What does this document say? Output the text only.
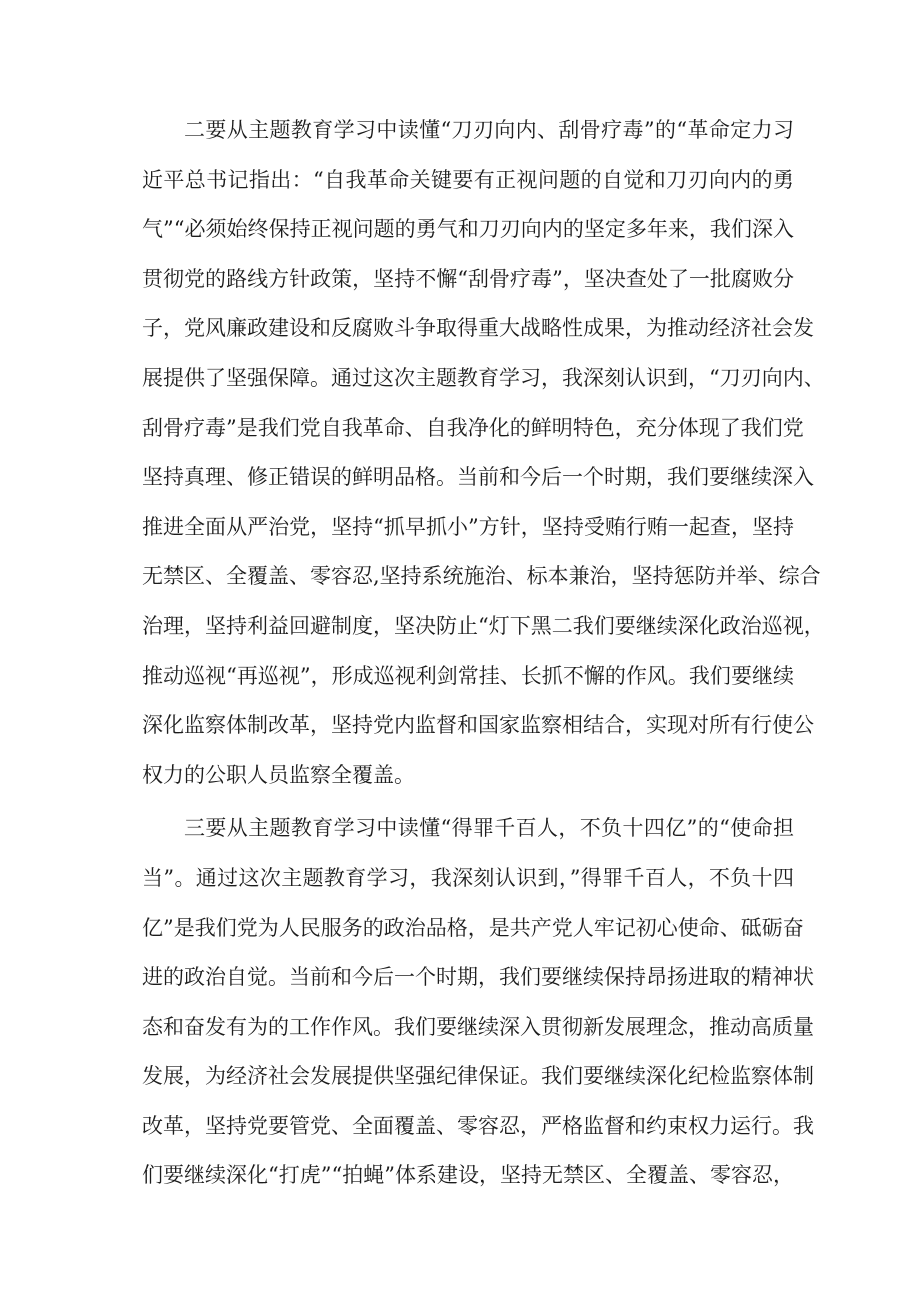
二要从主题教育学习中读懂“刀刃向内、刮骨疗毒”的“革命定力习

近平总书记指出：“自我革命关键要有正视问题的自觉和刀刃向内的勇

气”“必须始终保持正视问题的勇气和刀刃向内的坚定多年来，我们深入

贯彻党的路线方针政策，坚持不懈“刮骨疗毒”，坚决查处了一批腐败分

子，党风廉政建设和反腐败斗争取得重大战略性成果，为推动经济社会发

展提供了坚强保障。通过这次主题教育学习，我深刻认识到，“刀刃向内、

刮骨疗毒”是我们党自我革命、自我净化的鲜明特色，充分体现了我们党

坚持真理、修正错误的鲜明品格。当前和今后一个时期，我们要继续深入

推进全面从严治党，坚持“抓早抓小”方针，坚持受贿行贿一起查，坚持

无禁区、全覆盖、零容忍,坚持系统施治、标本兼治，坚持惩防并举、综合

治理，坚持利益回避制度，坚决防止“灯下黑二我们要继续深化政治巡视，

推动巡视“再巡视”，形成巡视利剑常挂、长抓不懈的作风。我们要继续

深化监察体制改革，坚持党内监督和国家监察相结合，实现对所有行使公

权力的公职人员监察全覆盖。

三要从主题教育学习中读懂“得罪千百人，不负十四亿”的“使命担

当”。通过这次主题教育学习，我深刻认识到，”得罪千百人，不负十四

亿”是我们党为人民服务的政治品格，是共产党人牢记初心使命、砥砺奋

进的政治自觉。当前和今后一个时期，我们要继续保持昂扬进取的精神状

态和奋发有为的工作作风。我们要继续深入贯彻新发展理念，推动高质量

发展，为经济社会发展提供坚强纪律保证。我们要继续深化纪检监察体制

改革，坚持党要管党、全面覆盖、零容忍，严格监督和约束权力运行。我

们要继续深化“打虎”“拍蝇”体系建设，坚持无禁区、全覆盖、零容忍，
